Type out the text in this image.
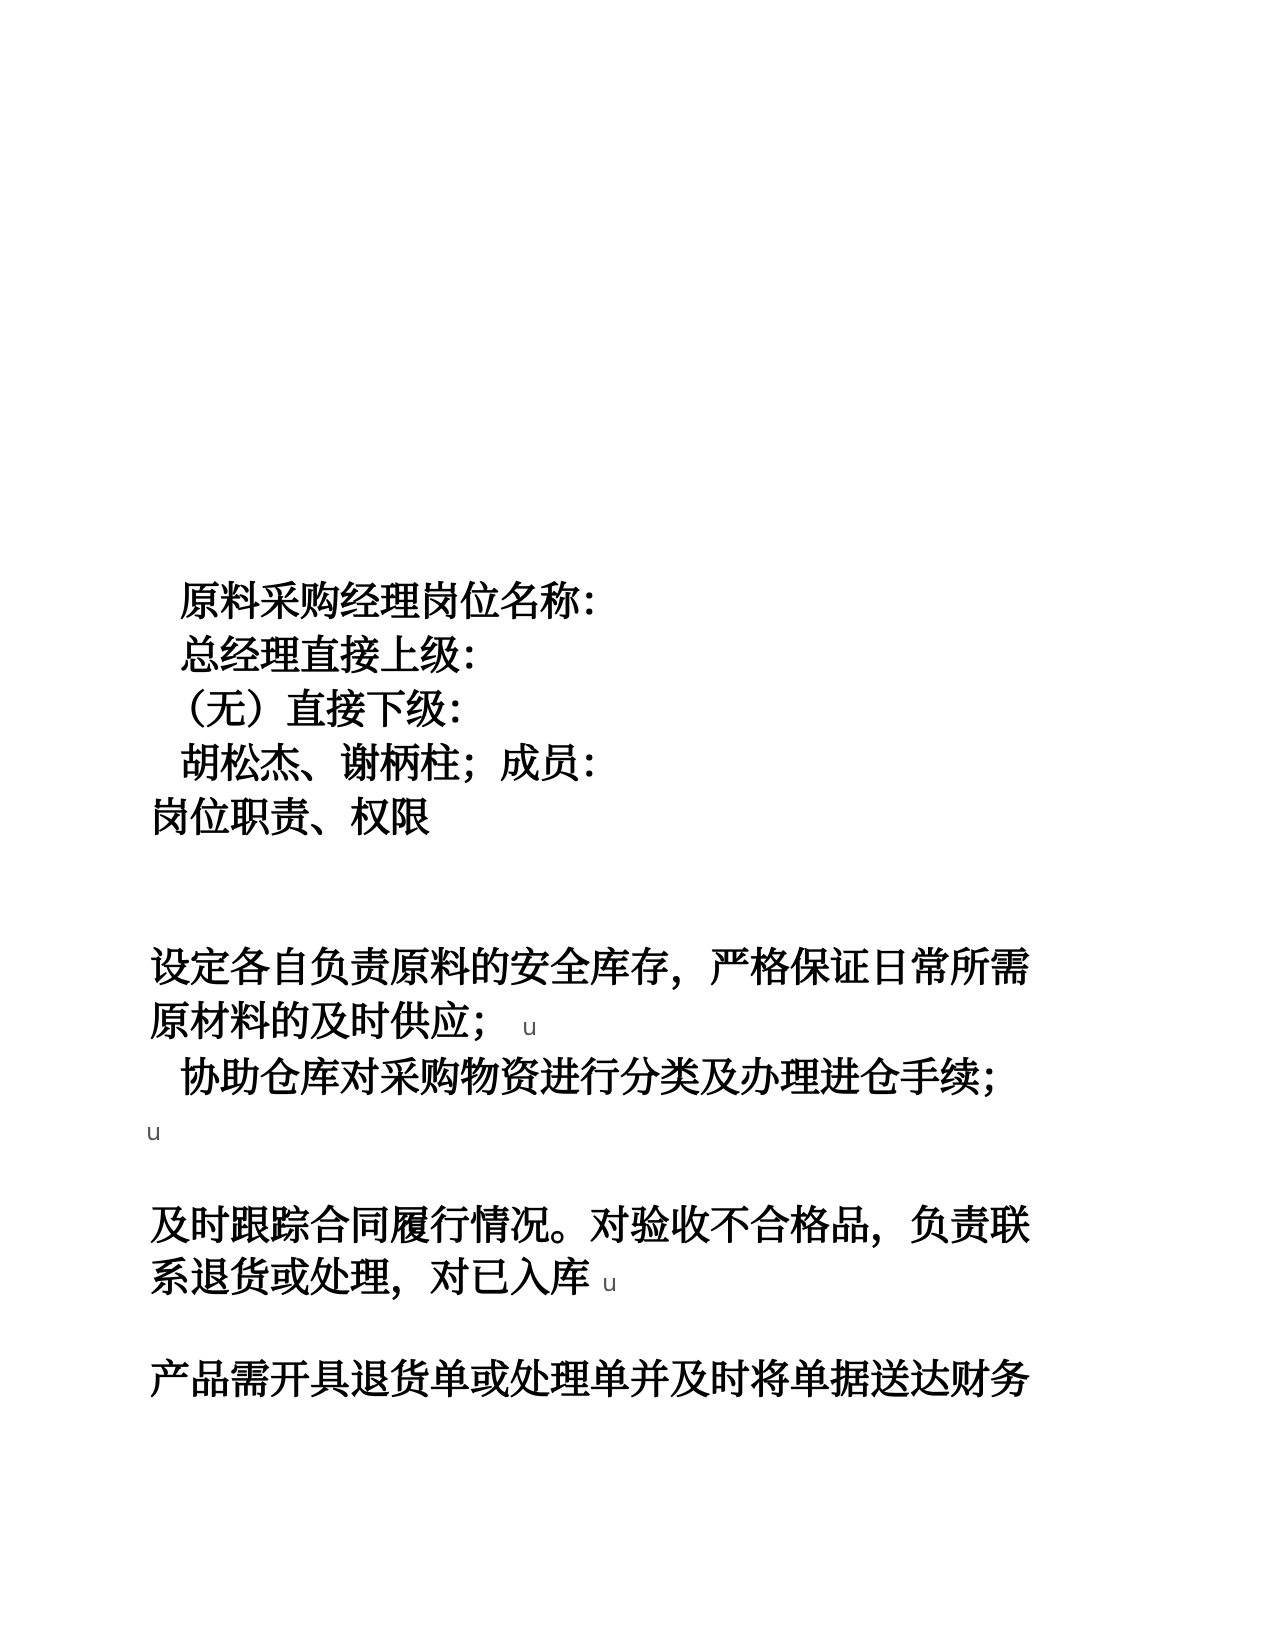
原料采购经理岗位名称：
总经理直接上级：
（无）直接下级：
胡松杰、谢柄柱；成员：
岗位职责、权限
设定各自负责原料的安全库存，严格保证日常所需
原材料的及时供应； u
协助仓库对采购物资进行分类及办理进仓手续；
u
及时跟踪合同履行情况。对验收不合格品，负责联
系退货或处理，对已入库 u
产品需开具退货单或处理单并及时将单据送达财务
